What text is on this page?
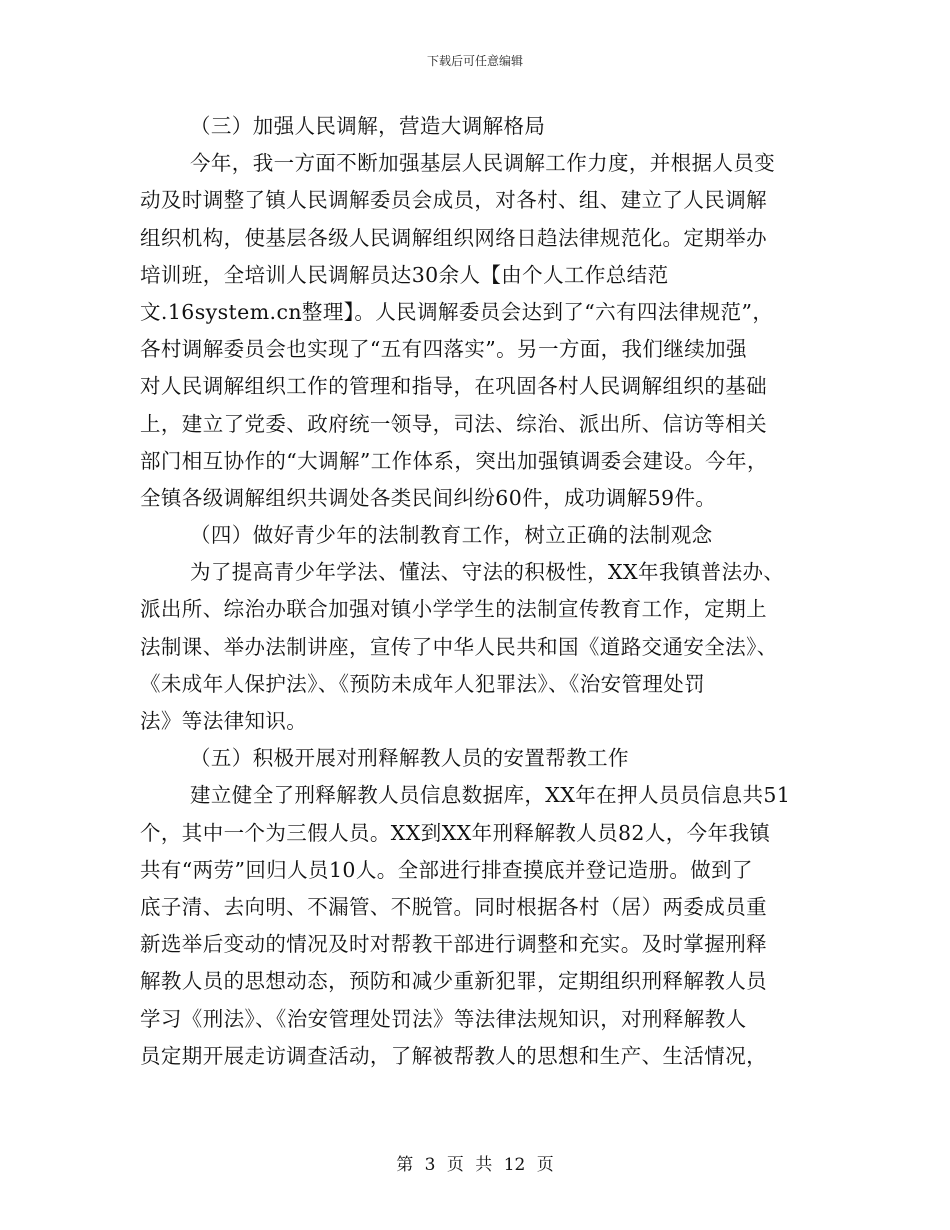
下载后可任意编辑
（三）加强人民调解，营造大调解格局
今年，我一方面不断加强基层人民调解工作力度，并根据人员变
动及时调整了镇人民调解委员会成员，对各村、组、建立了人民调解
组织机构，使基层各级人民调解组织网络日趋法律规范化。定期举办
培训班，全培训人民调解员达30余人【由个人工作总结范
文.16system.cn整理】。人民调解委员会达到了“六有四法律规范”，
各村调解委员会也实现了“五有四落实”。另一方面，我们继续加强
对人民调解组织工作的管理和指导，在巩固各村人民调解组织的基础
上，建立了党委、政府统一领导，司法、综治、派出所、信访等相关
部门相互协作的“大调解”工作体系，突出加强镇调委会建设。今年，
全镇各级调解组织共调处各类民间纠纷60件，成功调解59件。
（四）做好青少年的法制教育工作，树立正确的法制观念
为了提高青少年学法、懂法、守法的积极性，XX年我镇普法办、
派出所、综治办联合加强对镇小学学生的法制宣传教育工作，定期上
法制课、举办法制讲座，宣传了中华人民共和国《道路交通安全法》、
《未成年人保护法》、《预防未成年人犯罪法》、《治安管理处罚
法》等法律知识。
（五）积极开展对刑释解教人员的安置帮教工作
建立健全了刑释解教人员信息数据库，XX年在押人员员信息共51
个，其中一个为三假人员。XX到XX年刑释解教人员82人，今年我镇
共有“两劳”回归人员10人。全部进行排查摸底并登记造册。做到了
底子清、去向明、不漏管、不脱管。同时根据各村（居）两委成员重
新选举后变动的情况及时对帮教干部进行调整和充实。及时掌握刑释
解教人员的思想动态，预防和减少重新犯罪，定期组织刑释解教人员
学习《刑法》、《治安管理处罚法》等法律法规知识，对刑释解教人
员定期开展走访调查活动，了解被帮教人的思想和生产、生活情况，
第 3 页 共 12 页
